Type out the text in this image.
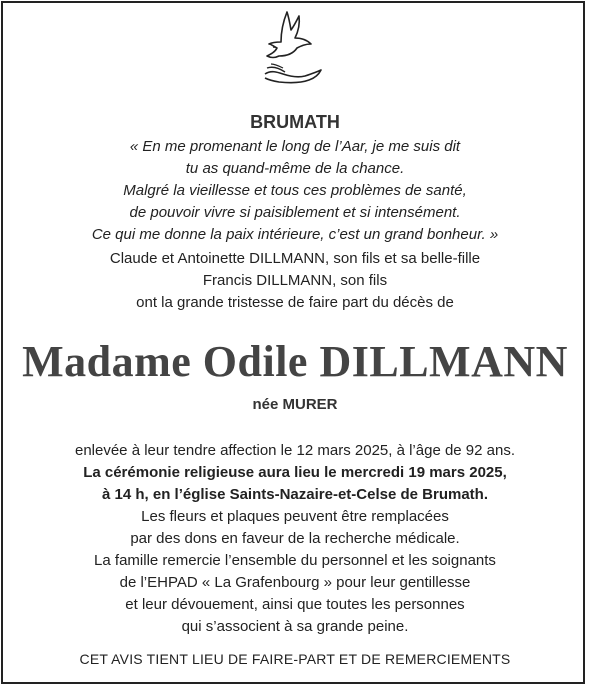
BRUMATH
« En me promenant le long de l’Aar, je me suis dit
tu as quand-même de la chance.
Malgré la vieillesse et tous ces problèmes de santé,
de pouvoir vivre si paisiblement et si intensément.
Ce qui me donne la paix intérieure, c’est un grand bonheur. »
Claude et Antoinette DILLMANN, son fils et sa belle-fille
Francis DILLMANN, son fils
ont la grande tristesse de faire part du décès de
Madame Odile DILLMANN
née MURER
enlevée à leur tendre affection le 12 mars 2025, à l’âge de 92 ans.
La cérémonie religieuse aura lieu le mercredi 19 mars 2025,
à 14 h, en l’église Saints-Nazaire-et-Celse de Brumath.
Les fleurs et plaques peuvent être remplacées
par des dons en faveur de la recherche médicale.
La famille remercie l’ensemble du personnel et les soignants
de l’EHPAD « La Grafenbourg » pour leur gentillesse
et leur dévouement, ainsi que toutes les personnes
qui s’associent à sa grande peine.
CET AVIS TIENT LIEU DE FAIRE-PART ET DE REMERCIEMENTS
